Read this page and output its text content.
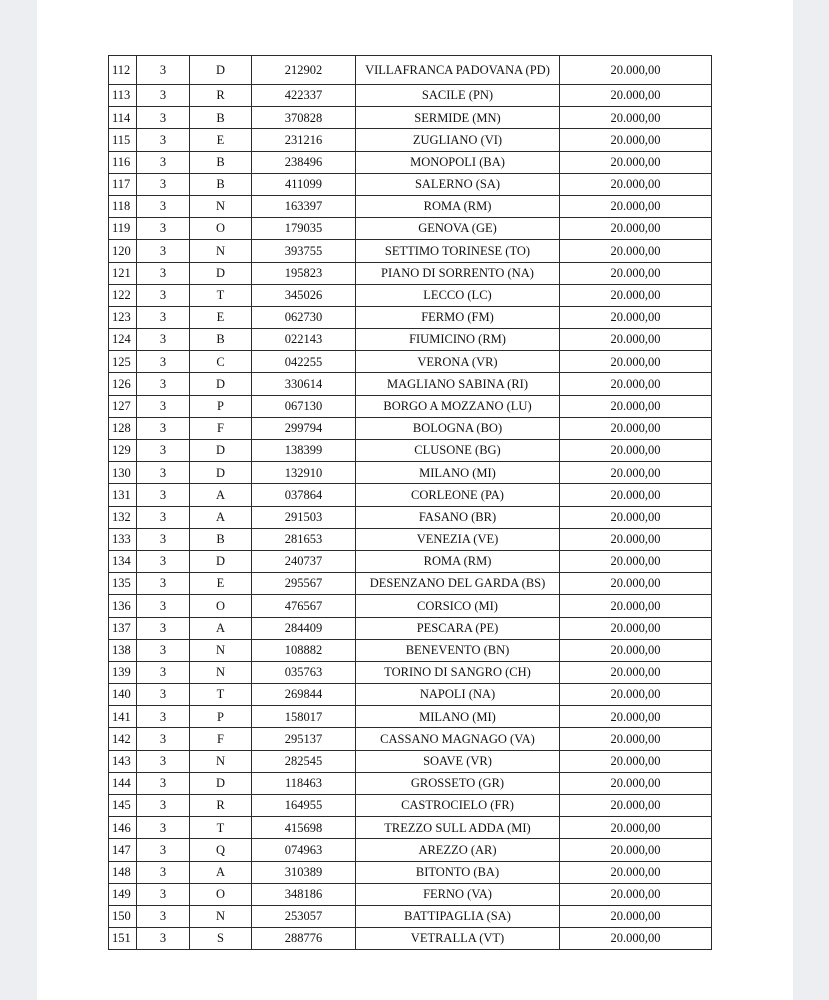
112	3	D	212902	VILLAFRANCA PADOVANA (PD)	20.000,00
113	3	R	422337	SACILE (PN)	20.000,00
114	3	B	370828	SERMIDE (MN)	20.000,00
115	3	E	231216	ZUGLIANO (VI)	20.000,00
116	3	B	238496	MONOPOLI (BA)	20.000,00
117	3	B	411099	SALERNO (SA)	20.000,00
118	3	N	163397	ROMA (RM)	20.000,00
119	3	O	179035	GENOVA (GE)	20.000,00
120	3	N	393755	SETTIMO TORINESE (TO)	20.000,00
121	3	D	195823	PIANO DI SORRENTO (NA)	20.000,00
122	3	T	345026	LECCO (LC)	20.000,00
123	3	E	062730	FERMO (FM)	20.000,00
124	3	B	022143	FIUMICINO (RM)	20.000,00
125	3	C	042255	VERONA (VR)	20.000,00
126	3	D	330614	MAGLIANO SABINA (RI)	20.000,00
127	3	P	067130	BORGO A MOZZANO (LU)	20.000,00
128	3	F	299794	BOLOGNA (BO)	20.000,00
129	3	D	138399	CLUSONE (BG)	20.000,00
130	3	D	132910	MILANO (MI)	20.000,00
131	3	A	037864	CORLEONE (PA)	20.000,00
132	3	A	291503	FASANO (BR)	20.000,00
133	3	B	281653	VENEZIA (VE)	20.000,00
134	3	D	240737	ROMA (RM)	20.000,00
135	3	E	295567	DESENZANO DEL GARDA (BS)	20.000,00
136	3	O	476567	CORSICO (MI)	20.000,00
137	3	A	284409	PESCARA (PE)	20.000,00
138	3	N	108882	BENEVENTO (BN)	20.000,00
139	3	N	035763	TORINO DI SANGRO (CH)	20.000,00
140	3	T	269844	NAPOLI (NA)	20.000,00
141	3	P	158017	MILANO (MI)	20.000,00
142	3	F	295137	CASSANO MAGNAGO (VA)	20.000,00
143	3	N	282545	SOAVE (VR)	20.000,00
144	3	D	118463	GROSSETO (GR)	20.000,00
145	3	R	164955	CASTROCIELO (FR)	20.000,00
146	3	T	415698	TREZZO SULL ADDA (MI)	20.000,00
147	3	Q	074963	AREZZO (AR)	20.000,00
148	3	A	310389	BITONTO (BA)	20.000,00
149	3	O	348186	FERNO (VA)	20.000,00
150	3	N	253057	BATTIPAGLIA (SA)	20.000,00
151	3	S	288776	VETRALLA (VT)	20.000,00
